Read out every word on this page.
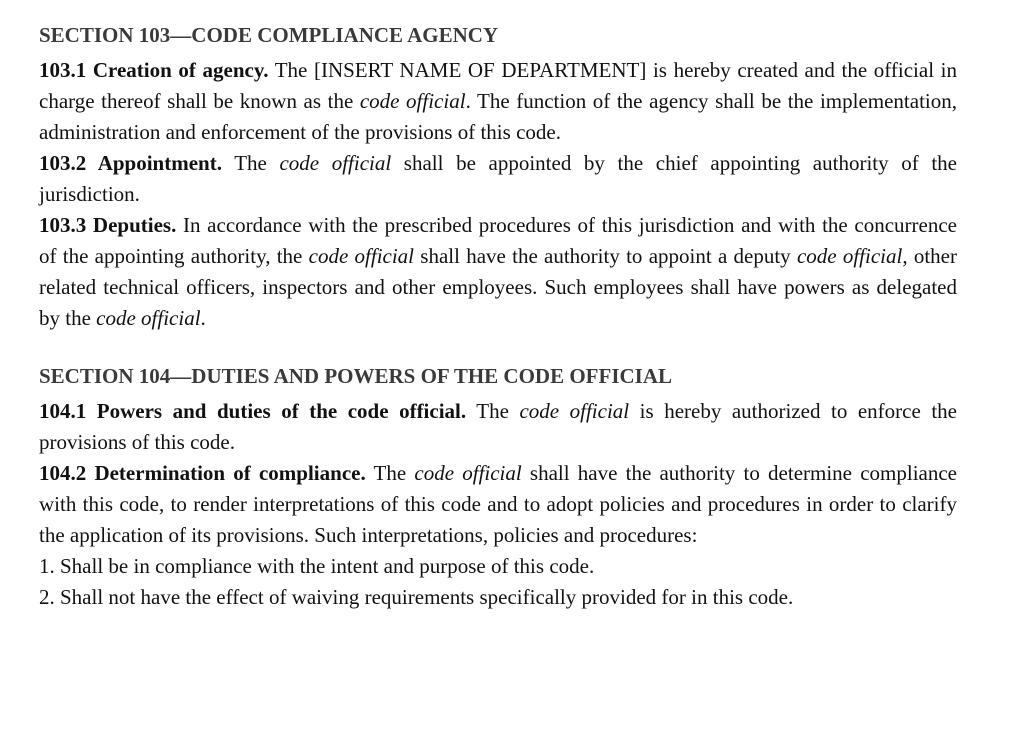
SECTION 103—CODE COMPLIANCE AGENCY

103.1 Creation of agency. The [INSERT NAME OF DEPARTMENT] is hereby created and the official in charge thereof shall be known as the code official. The function of the agency shall be the implementation, administration and enforcement of the provisions of this code.

103.2 Appointment. The code official shall be appointed by the chief appointing authority of the jurisdiction.

103.3 Deputies. In accordance with the prescribed procedures of this jurisdiction and with the concurrence of the appointing authority, the code official shall have the authority to appoint a deputy code official, other related technical officers, inspectors and other employees. Such employees shall have powers as delegated by the code official.

SECTION 104—DUTIES AND POWERS OF THE CODE OFFICIAL

104.1 Powers and duties of the code official. The code official is hereby authorized to enforce the provisions of this code.

104.2 Determination of compliance. The code official shall have the authority to determine compliance with this code, to render interpretations of this code and to adopt policies and procedures in order to clarify the application of its provisions. Such interpretations, policies and procedures:

1. Shall be in compliance with the intent and purpose of this code.

2. Shall not have the effect of waiving requirements specifically provided for in this code.
